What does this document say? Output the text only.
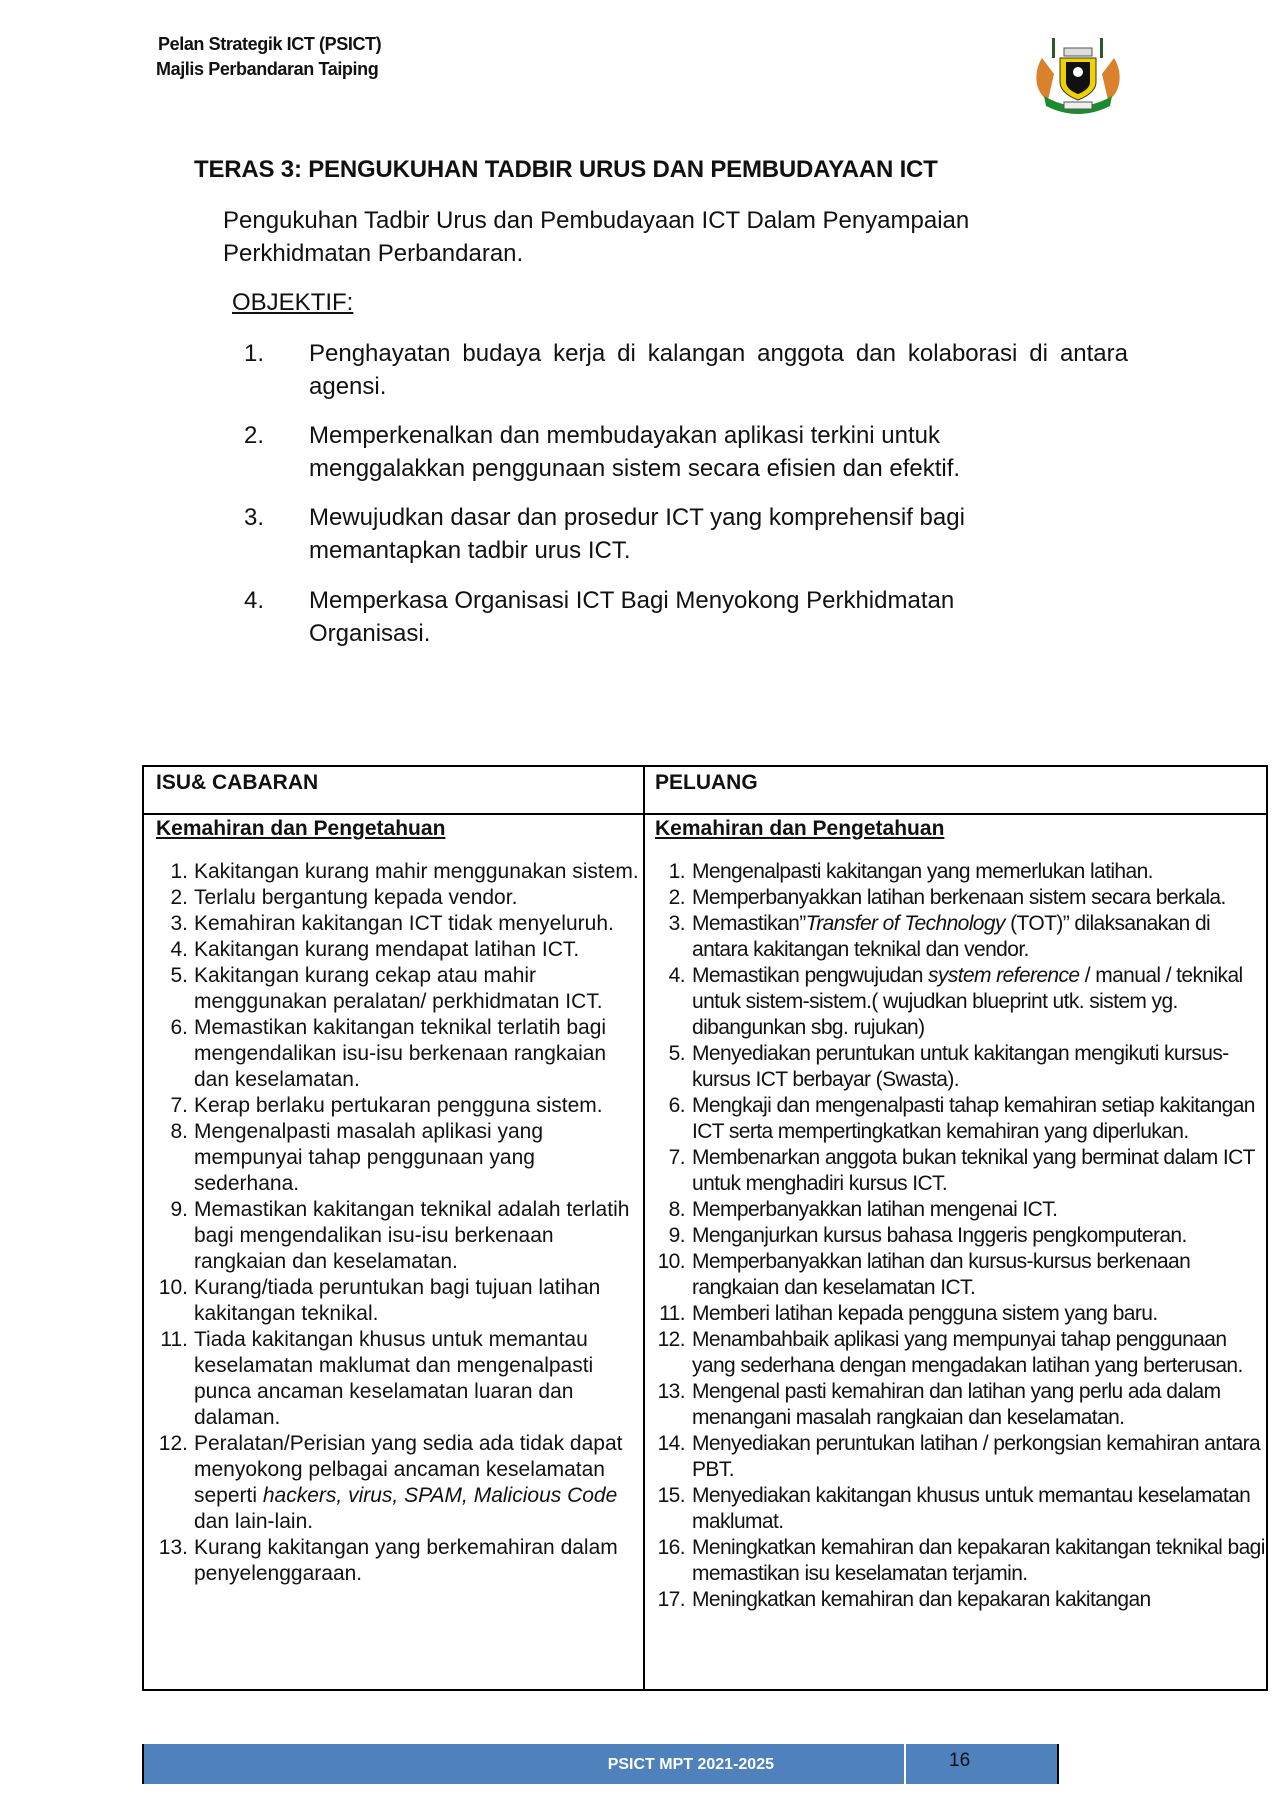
Pelan Strategik ICT (PSICT)
Majlis Perbandaran Taiping
TERAS 3: PENGUKUHAN TADBIR URUS DAN PEMBUDAYAAN ICT
Pengukuhan Tadbir Urus dan Pembudayaan ICT Dalam Penyampaian Perkhidmatan Perbandaran.
OBJEKTIF:
1. Penghayatan budaya kerja di kalangan anggota dan kolaborasi di antara agensi.
2. Memperkenalkan dan membudayakan aplikasi terkini untuk menggalakkan penggunaan sistem secara efisien dan efektif.
3. Mewujudkan dasar dan prosedur ICT yang komprehensif bagi memantapkan tadbir urus ICT.
4. Memperkasa Organisasi ICT Bagi Menyokong Perkhidmatan Organisasi.
ISU& CABARAN	PELUANG
Kemahiran dan Pengetahuan	Kemahiran dan Pengetahuan
1. Kakitangan kurang mahir menggunakan sistem.
2. Terlalu bergantung kepada vendor.
3. Kemahiran kakitangan ICT tidak menyeluruh.
4. Kakitangan kurang mendapat latihan ICT.
5. Kakitangan kurang cekap atau mahir menggunakan peralatan/ perkhidmatan ICT.
6. Memastikan kakitangan teknikal terlatih bagi mengendalikan isu-isu berkenaan rangkaian dan keselamatan.
7. Kerap berlaku pertukaran pengguna sistem.
8. Mengenalpasti masalah aplikasi yang mempunyai tahap penggunaan yang sederhana.
9. Memastikan kakitangan teknikal adalah terlatih bagi mengendalikan isu-isu berkenaan rangkaian dan keselamatan.
10. Kurang/tiada peruntukan bagi tujuan latihan kakitangan teknikal.
11. Tiada kakitangan khusus untuk memantau keselamatan maklumat dan mengenalpasti punca ancaman keselamatan luaran dan dalaman.
12. Peralatan/Perisian yang sedia ada tidak dapat menyokong pelbagai ancaman keselamatan seperti hackers, virus, SPAM, Malicious Code dan lain-lain.
13. Kurang kakitangan yang berkemahiran dalam penyelenggaraan.
1. Mengenalpasti kakitangan yang memerlukan latihan.
2. Memperbanyakkan latihan berkenaan sistem secara berkala.
3. Memastikan”Transfer of Technology (TOT)” dilaksanakan di antara kakitangan teknikal dan vendor.
4. Memastikan pengwujudan system reference / manual / teknikal untuk sistem-sistem.( wujudkan blueprint utk. sistem yg. dibangunkan sbg. rujukan)
5. Menyediakan peruntukan untuk kakitangan mengikuti kursus-kursus ICT berbayar (Swasta).
6. Mengkaji dan mengenalpasti tahap kemahiran setiap kakitangan ICT serta mempertingkatkan kemahiran yang diperlukan.
7. Membenarkan anggota bukan teknikal yang berminat dalam ICT untuk menghadiri kursus ICT.
8. Memperbanyakkan latihan mengenai ICT.
9. Menganjurkan kursus bahasa Inggeris pengkomputeran.
10. Memperbanyakkan latihan dan kursus-kursus berkenaan rangkaian dan keselamatan ICT.
11. Memberi latihan kepada pengguna sistem yang baru.
12. Menambahbaik aplikasi yang mempunyai tahap penggunaan yang sederhana dengan mengadakan latihan yang berterusan.
13. Mengenal pasti kemahiran dan latihan yang perlu ada dalam menangani masalah rangkaian dan keselamatan.
14. Menyediakan peruntukan latihan / perkongsian kemahiran antara PBT.
15. Menyediakan kakitangan khusus untuk memantau keselamatan maklumat.
16. Meningkatkan kemahiran dan kepakaran kakitangan teknikal bagi memastikan isu keselamatan terjamin.
17. Meningkatkan kemahiran dan kepakaran kakitangan
PSICT MPT 2021-2025	16
